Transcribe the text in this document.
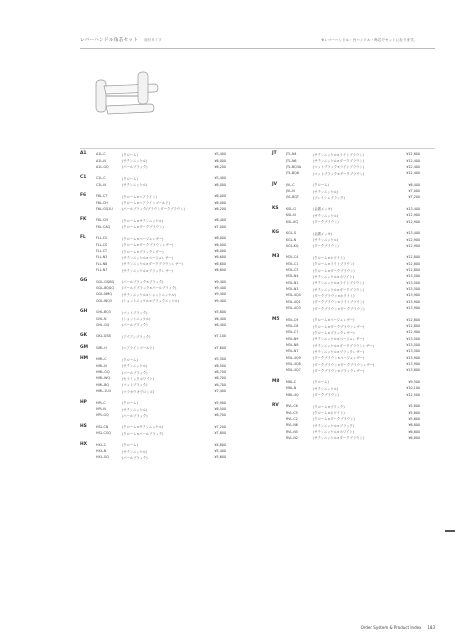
レバーハンドル角芯セット 面付タイプ	※レバーハンドル・台ハンドル・角芯でセットになります。
A1	A1L-C	(クローム)	¥5,400
A1L-N	(サテンニッケル)	¥6,000
A1L-GQ	(パールブラック)	¥6,200
C1	C1L-C	(クローム)	¥5,400
C1L-N	(サテンニッケル)	¥6,000
F6	F6L-CT	(クローム×ヘアライン)	¥6,000
F6L-CH	(クローム×ヘアラインゴールド)	¥6,000
F6L-GQ1U	(パールブラック/ブラウンダークブラウン)	¥6,200
FK	FKL-CN	(クローム×サテンニッケル)	¥6,400
FKL-CAQ	(クローム×ダークブラウン)	¥7,000
FL	FLL-CV	(クローム×ベージュレザー)	¥6,000
FLL-CS	(クローム×ダークブラウンレザー)	¥6,000
FLL-CT	(クローム×ブラックレザー)	¥6,000
FLL-N3	(サテンニッケル×ベージュレザー)	¥6,600
FLL-N8	(サテンニッケル×ダークブラウンレザー)	¥6,600
FLL-N7	(サテンニッケル×ブラックレザー)	¥6,600
GG	GGL-GQBQ	(パールブラック×ブラック)	¥9,400
GGL-8QGQ	(ゴールドブラック×パールブラック)	¥9,400
GGL-NMQ	(サテンニッケル×ショットニッケル)	¥9,400
GGL-WQ3	(ショットニッケル×ブラックニッケル)	¥9,400
GH	GHL-BQ3	(マットブラック)	¥5,800
GHL-N	(ショットニッケル)	¥6,400
GHL-GQ	(パールブラック)	¥6,400
GK	GKL-GSB	(アイアンブラック)	¥7,100
GM GML-H	(ヘアラインゴールド)	¥7,600
HM HML-C	(クローム)	¥5,500
HML-N	(サテンニッケル)	¥6,500
HML-GQ	(パールブラック)	¥6,700
HML-WQ	(セラミックホワイト)	¥6,700
HML-BQ	(マットブラック)	¥6,700
HML-1U4	(マラカウオブロンズ)	¥7,400
HP	HPL-C	(クローム)	¥5,900
HPL-N	(サテンニッケル)	¥6,500
HPL-GQ	(パールブラック)	¥6,700
HS	HSL-CN	(クローム×サテンニッケル)	¥7,200
HSL-CGQ	(クローム×パールブラック)	¥7,800
HX	HXL-C	(クローム)	¥4,800
HXL-N	(サテンニッケル)	¥5,400
HXL-GQ	(パールブラック)	¥5,600
JT	JTL-N4	(サテンニッケル×ライトブラウン)	¥12,800
JTL-N6	(サテンニッケル×ダークブラウン)	¥12,400
JTL-BQ3A	(マットブラック×ライトブラウン)	¥12,400
JTL-BQ6	(マットブラック×ダークブラウン)	¥12,400
JV	JVL-C	(クローム)	¥6,400
JVL-N	(サテンニッケル)	¥7,000
JVL-BQT	(ブレイシュブラック)	¥7,200
KS KSL-G	(金鍍メッキ)	¥13,400
KSL-N	(サテンニッケル)	¥12,900
KSL-KQ	(ダークブラウン)	¥12,900
KG KGL-G	(金鍍メッキ)	¥13,400
KGL-N	(サテンニッケル)	¥12,900
KGL-KQ	(ダークブラウン)	¥12,900
M3 M3L-C4	(クローム×ホワイト)	¥12,800
M3L-C1	(クローム×ライトブラウン)	¥12,800
M3L-C3	(クローム×ダークブラウン)	¥12,800
M3L-N4	(サテンニッケル×ホワイト)	¥13,500
M3L-N1	(サテンニッケル×ライトブラウン)	¥13,500
M3L-N3	(サテンニッケル×ダークブラウン)	¥13,500
M3L-4Q4	(ダークブラウン×ホワイト)	¥13,900
M3L-4Q1	(ダークブラウン×ライトブラウン)	¥13,900
M3L-4Q3	(ダークブラウン×ダークブラウン)	¥13,900
M5 M5L-C9	(クローム×ベージュレザー)	¥12,800
M5L-C8	(クローム×ダークブラウンレザー)	¥12,800
M5L-C7	(クローム×ブラックレザー)	¥12,900
M5L-N9	(サテンニッケル×ベージュレザー)	¥13,500
M5L-N8	(サテンニッケル×ダークブラウンレザー)	¥13,500
M5L-N7	(サテンニッケル×ブラックレザー)	¥13,500
M5L-4Q9	(ダークブラウン×ベージュレザー)	¥13,900
M5L-4Q8	(ダークブラウン×ダークブラウンレザー)	¥13,900
M5L-4Q7	(ダークブラウン×ブラックレザー)	¥13,800
M8 M8L-C	(クローム)	¥9,500
M8L-N	(サテンニッケル)	¥10,100
M8L-4Q	(ダークブラウン)	¥12,500
RV RVL-C6	(クローム×ブラック)	¥5,800
RVL-C5	(クローム×ホワイト)	¥5,800
RVL-C2	(クローム×ダークブラウン)	¥5,800
RVL-N6	(サテンニッケル×ブラック)	¥6,800
RVL-N5	(サテンニッケル×ホワイト)	¥6,800
RVL-N2	(サテンニッケル×ダークブラウン)	¥6,800
Order System & Product Index 183
